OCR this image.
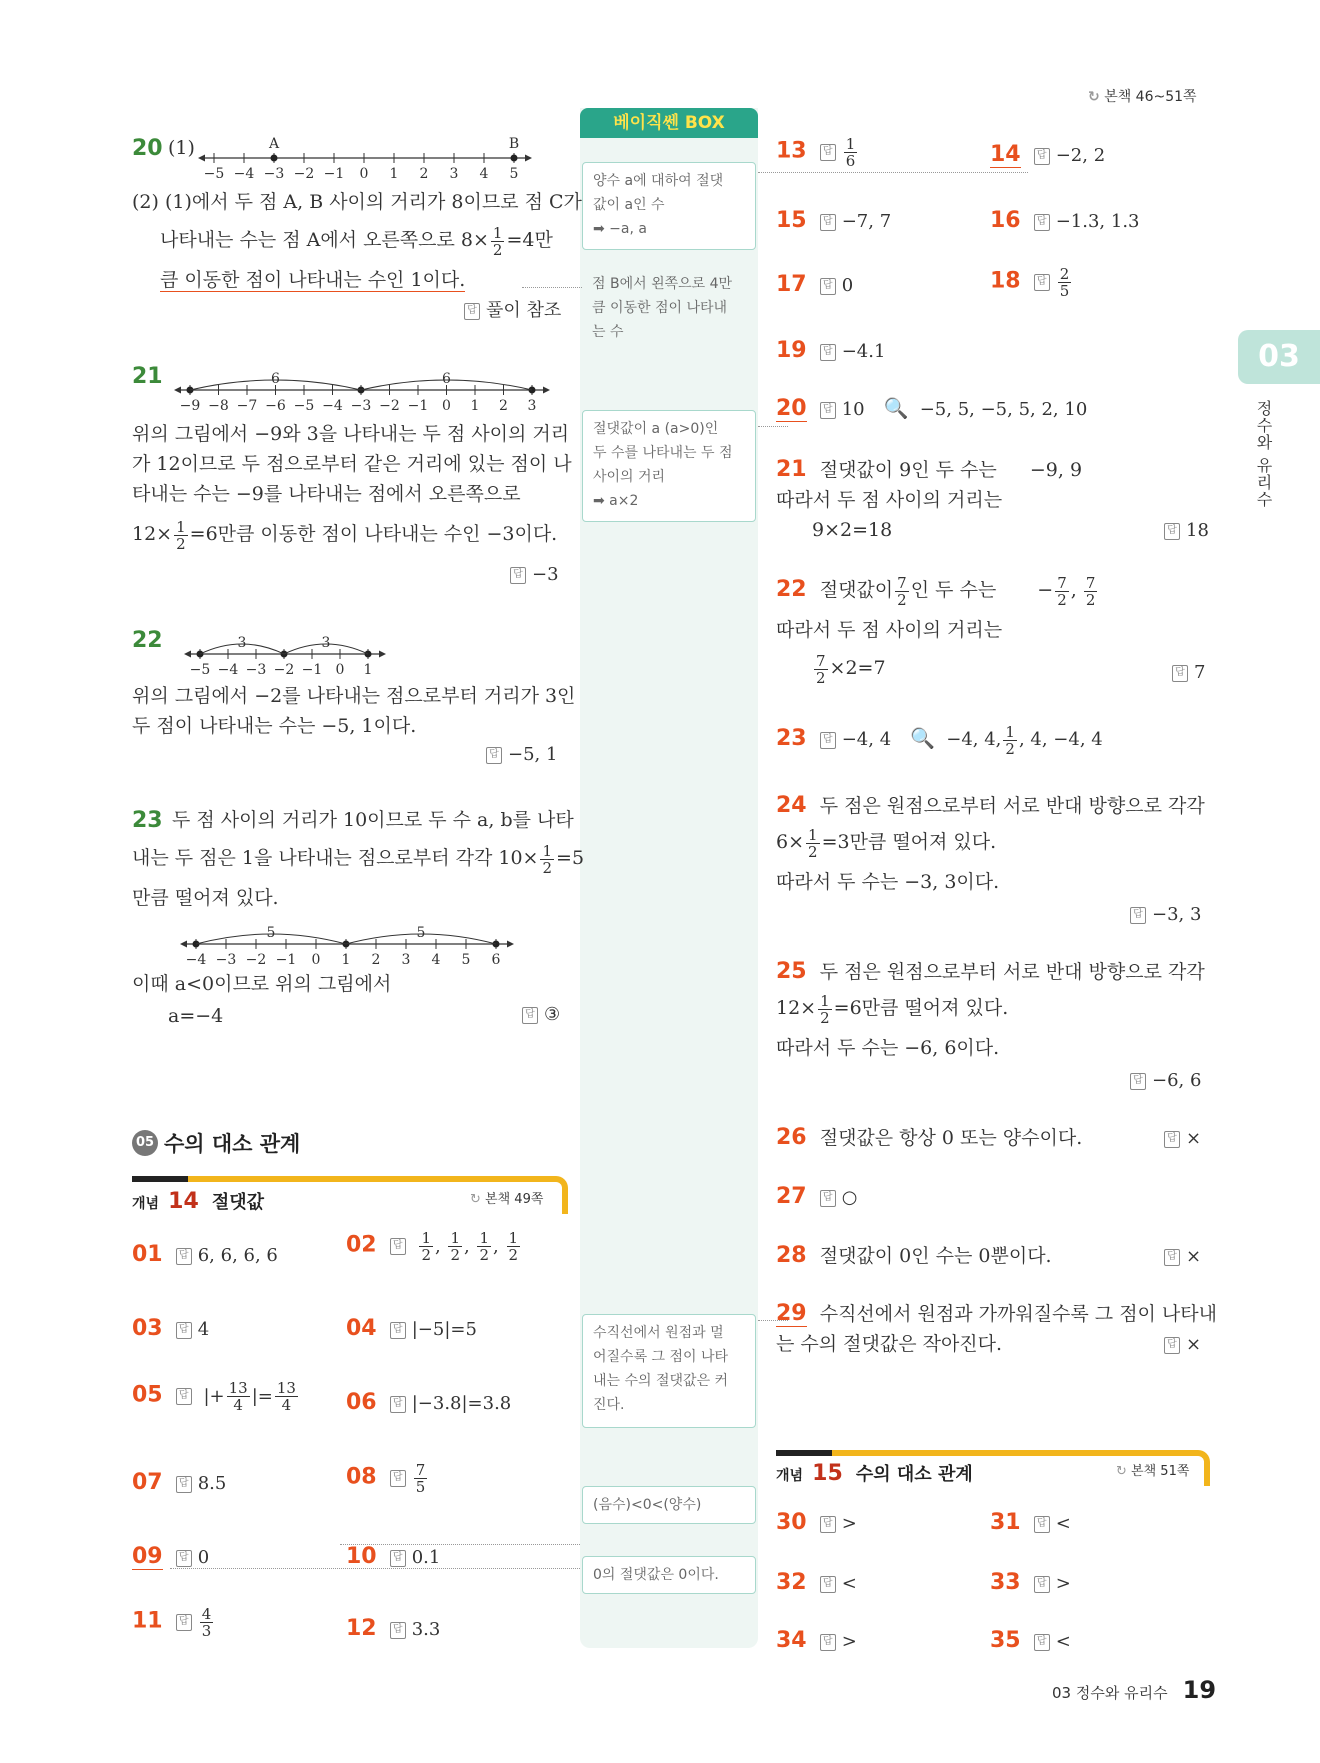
↻ 본책 46~51쪽
03
정수와 유리수
베이직쎈 BOX
양수 a에 대하여 절댓
값이 a인 수
➡ −a, a
점 B에서 왼쪽으로 4만
큼 이동한 점이 나타내
는 수
절댓값이 a (a>0)인
두 수를 나타내는 두 점
사이의 거리
➡ a×2
수직선에서 원점과 멀
어질수록 그 점이 나타
내는 수의 절댓값은 커
진다.
(음수)<0<(양수)
0의 절댓값은 0이다.
20 (1)
−5 −4 −3 −2 −1 0 1 2 3 4 5
A	B
(2) (1)에서 두 점 A, B 사이의 거리가 8이므로 점 C가
나타내는 수는 점 A에서 오른쪽으로 $8\times \frac{1}{2} =4$만
큼 이동한 점이 나타내는 수인 1이다.
답 풀이 참조
21
−9 −8 −7 −6 −5 −4 −3 −2 −1 0 1 2 3
6	6
위의 그림에서 −9와 3을 나타내는 두 점 사이의 거리
가 12이므로 두 점으로부터 같은 거리에 있는 점이 나
타내는 수는 −9를 나타내는 점에서 오른쪽으로
$12\times \frac{1}{2} =6$만큼 이동한 점이 나타내는 수인 −3이다.
답 −3
22
−5 −4 −3 −2 −1 0 1
3	3
위의 그림에서 −2를 나타내는 점으로부터 거리가 3인
두 점이 나타내는 수는 −5, 1이다.
답 −5, 1
23 두 점 사이의 거리가 10이므로 두 수 a, b를 나타
내는 두 점은 1을 나타내는 점으로부터 각각 $10\times \frac{1}{2} =5$
만큼 떨어져 있다.
−4 −3 −2 −1 0 1 2 3 4 5 6
5	5
이때 a<0이므로 위의 그림에서
a=−4	답 ③
05 수의 대소 관계
개념 14 절댓값	↻ 본책 49쪽
01 답 6, 6, 6, 6	02 답 $\frac{1}{2}$ , $\frac{1}{2}$ , $\frac{1}{2}$ , $\frac{1}{2}$
03 답 4	04 답 |−5|=5
05 답 |+ $\frac{13}{4}$ |= $\frac{13}{4} 06$ 답 |−3.8|=3.8
07 답 8.5	08 답 $\frac{7}{5}$
09 답 0	10 답 0.1
11 답 $\frac{4}{3}$	12 답 3.3
13 답 $\frac{1}{6}$	14 답 −2, 2
15 답 −7, 7	16 답 −1.3, 1.3
17 답 0	18 답 $\frac{2}{5}$
19 답 −4.1
20 답 10 🔍 −5, 5, −5, 5, 2, 10
21 절댓값이 9인 두 수는 −9, 9
따라서 두 점 사이의 거리는
9×2=18	답 18
22 절댓값이 $\frac{7}{2}$ 인 두 수는 − $\frac{7}{2}$ , $\frac{7}{2}$
따라서 두 점 사이의 거리는
$\frac{7}{2} \times 2=7$	답 7
23 답 −4, 4 🔍 −4, 4, $\frac{1}{2}$ , 4, −4, 4
24 두 점은 원점으로부터 서로 반대 방향으로 각각
$6\times \frac{1}{2} =3$만큼 떨어져 있다.
따라서 두 수는 −3, 3이다.
답 −3, 3
25 두 점은 원점으로부터 서로 반대 방향으로 각각
$12\times \frac{1}{2} =6$만큼 떨어져 있다.
따라서 두 수는 −6, 6이다.
답 −6, 6
26 절댓값은 항상 0 또는 양수이다.	답 ×
27 답 ○
28 절댓값이 0인 수는 0뿐이다.	답 ×
29 수직선에서 원점과 가까워질수록 그 점이 나타내
는 수의 절댓값은 작아진다.	답 ×
개념 15 수의 대소 관계	↻ 본책 51쪽
30 답 >	31 답 <
32 답 <	33 답 >
34 답 >	35 답 <
03 정수와 유리수 19
